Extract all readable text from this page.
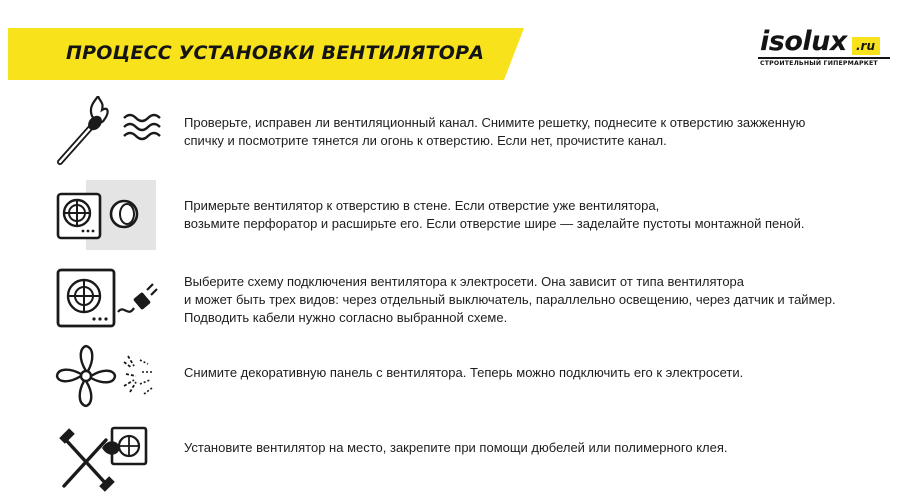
ПРОЦЕСС УСТАНОВКИ ВЕНТИЛЯТОРА	isolux .ru
СТРОИТЕЛЬНЫЙ ГИПЕРМАРКЕТ
Проверьте, исправен ли вентиляционный канал. Снимите решетку, поднесите к отверстию зажженную
спичку и посмотрите тянется ли огонь к отверстию. Если нет, прочистите канал.
Примерьте вентилятор к отверстию в стене. Если отверстие уже вентилятора,
возьмите перфоратор и расширьте его. Если отверстие шире — заделайте пустоты монтажной пеной.
Выберите схему подключения вентилятора к электросети. Она зависит от типа вентилятора
и может быть трех видов: через отдельный выключатель, параллельно освещению, через датчик и таймер.
Подводить кабели нужно согласно выбранной схеме.
Снимите декоративную панель с вентилятора. Теперь можно подключить его к электросети.
Установите вентилятор на место, закрепите при помощи дюбелей или полимерного клея.
